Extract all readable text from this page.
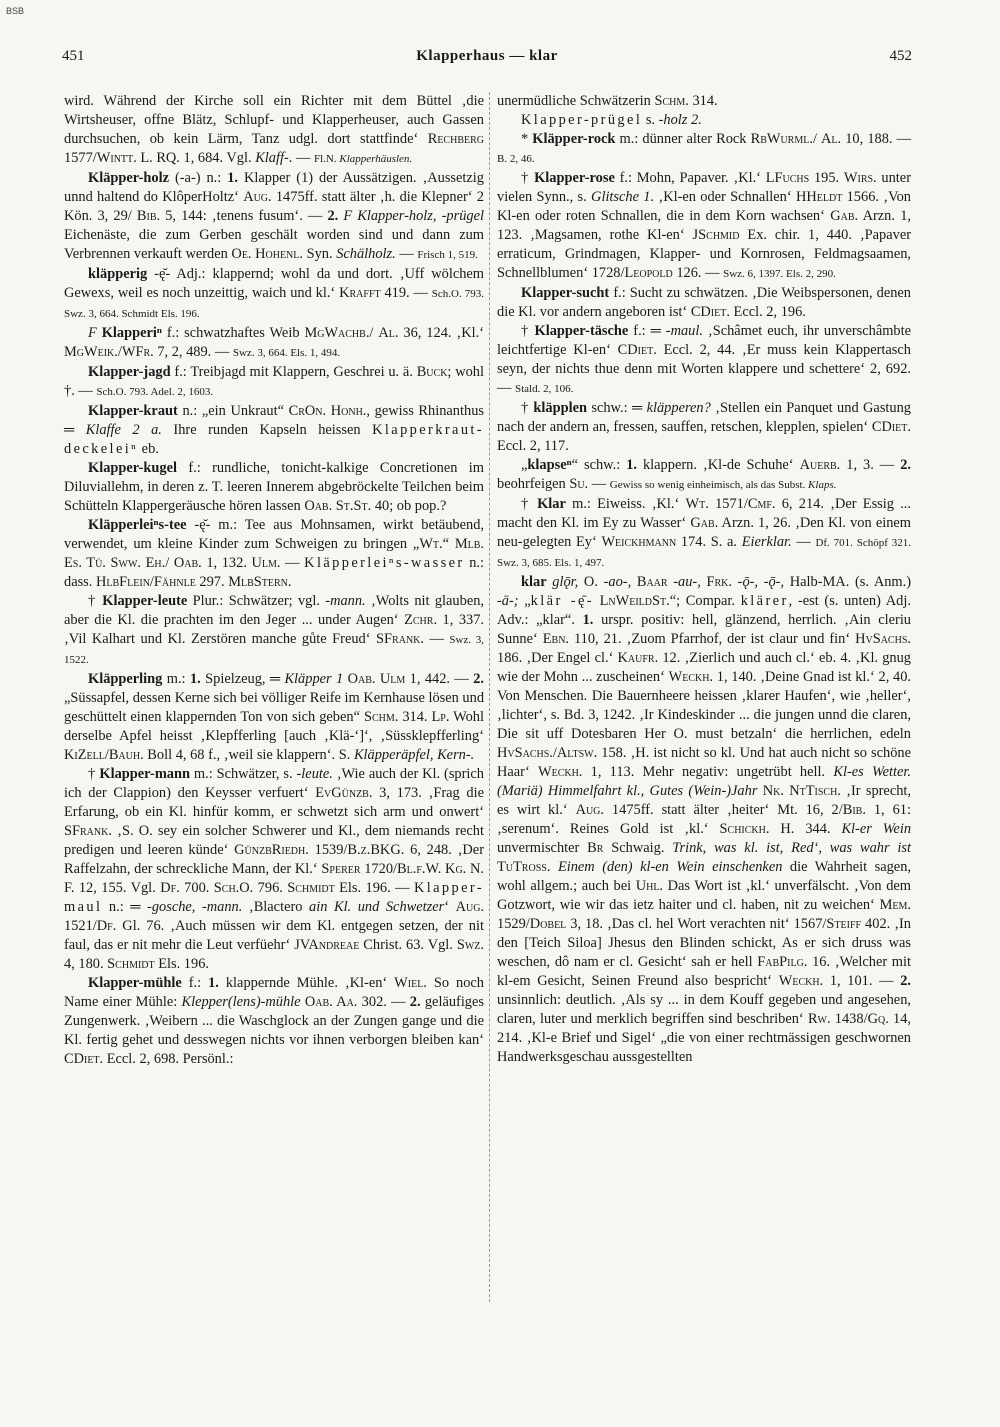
BSB
451	Klapperhaus — klar	452

wird. Während der Kirche soll ein Richter mit dem Büttel ‚die Wirtsheuser, offne Blätz, Schlupf- und Klapperheuser, auch Gassen durchsuchen, ob kein Lärm, Tanz udgl. dort stattfinde‘ Rechberg 1577/Wintt. L. RQ. 1, 684. Vgl. Klaff-. — Fl.N. Klapperhäuslen.

Kläpper-holz (-a-) n.: 1. Klapper (1) der Aussätzigen. ‚Aussetzig unnd haltend do KlôperHoltz‘ Aug. 1475ff. statt älter ‚h. die Klepner‘ 2 Kön. 3, 29/ Bib. 5, 144: ‚tenens fusum‘. — 2. F Klapper-holz, -prügel Eichenäste, die zum Gerben geschält worden sind und dann zum Verbrennen verkauft werden Oe. Hohenl. Syn. Schälholz. — Frisch 1, 519.

kläpperig -ę̆- Adj.: klappernd; wohl da und dort. ‚Uff wölchem Gewexs, weil es noch unzeittig, waich und kl.‘ Krafft 419. — Sch.O. 793. Swz. 3, 664. Schmidt Els. 196.

F Klapperiⁿ f.: schwatzhaftes Weib MgWachb./ Al. 36, 124. ‚Kl.‘ MgWeik./WFr. 7, 2, 489. — Swz. 3, 664. Els. 1, 494.

Klapper-jagd f.: Treibjagd mit Klappern, Geschrei u. ä. Buck; wohl †. — Sch.O. 793. Adel. 2, 1603.

Klapper-kraut n.: „ein Unkraut“ CrOn. Honh., gewiss Rhinanthus ═ Klaffe 2 a. Ihre runden Kapseln heissen Klapperkraut-deckeleiⁿ eb.

Klapper-kugel f.: rundliche, tonicht-kalkige Concretionen im Diluviallehm, in deren z. T. leeren Innerem abgebröckelte Teilchen beim Schütteln Klappergeräusche hören lassen Oab. St.St. 40; ob pop.?

Kläpperleiⁿs-tee -ę̆- m.: Tee aus Mohnsamen, wirkt betäubend, verwendet, um kleine Kinder zum Schweigen zu bringen „Wt.“ Mlb. Es. Tü. Sww. Eh./ Oab. 1, 132. Ulm. — Kläpperleiⁿs-wasser n.: dass. HlbFlein/Fähnle 297. MlbStern.

† Klapper-leute Plur.: Schwätzer; vgl. -mann. ‚Wolts nit glauben, aber die Kl. die prachten im den Jeger ... under Augen‘ Zchr. 1, 337. ‚Vil Kalhart und Kl. Zerstören manche gůte Freud‘ SFrank. — Swz. 3, 1522.

Kläpperling m.: 1. Spielzeug, ═ Kläpper 1 Oab. Ulm 1, 442. — 2. „Süssapfel, dessen Kerne sich bei völliger Reife im Kernhause lösen und geschüttelt einen klappernden Ton von sich geben“ Schm. 314. Lp. Wohl derselbe Apfel heisst ‚Klepfferling [auch ‚Klä-‘]‘, ‚Süssklepfferling‘ KiZell/Bauh. Boll 4, 68 f., ‚weil sie klappern‘. S. Kläpperäpfel, Kern-.

† Klapper-mann m.: Schwätzer, s. -leute. ‚Wie auch der Kl. (sprich ich der Clappion) den Keysser verfuert‘ EvGünzb. 3, 173. ‚Frag die Erfarung, ob ein Kl. hinfür komm, er schwetzt sich arm und onwert‘ SFrank. ‚S. O. sey ein solcher Schwerer und Kl., dem niemands recht predigen und leeren künde‘ GünzbRiedh. 1539/B.z.BKG. 6, 248. ‚Der Raffelzahn, der schreckliche Mann, der Kl.‘ Sperer 1720/Bl.f.W. Kg. N. F. 12, 155. Vgl. Df. 700. Sch.O. 796. Schmidt Els. 196. — Klapper-maul n.: ═ -gosche, -mann. ‚Blactero ain Kl. und Schwetzer‘ Aug. 1521/Df. Gl. 76. ‚Auch müssen wir dem Kl. entgegen setzen, der nit faul, das er nit mehr die Leut verfüehr‘ JVAndreae Christ. 63. Vgl. Swz. 4, 180. Schmidt Els. 196.

Klapper-mühle f.: 1. klappernde Mühle. ‚Kl-en‘ Wiel. So noch Name einer Mühle: Klepper(lens)-mühle Oab. Aa. 302. — 2. geläufiges Zungenwerk. ‚Weibern ... die Waschglock an der Zungen gange und die Kl. fertig gehet und desswegen nichts vor ihnen verborgen bleiben kan‘ CDiet. Eccl. 2, 698. Persönl.:

unermüdliche Schwätzerin Schm. 314.

Klapper-prügel s. -holz 2.

* Kläpper-rock m.: dünner alter Rock RbWurml./ Al. 10, 188. — B. 2, 46.

† Klapper-rose f.: Mohn, Papaver. ‚Kl.‘ LFuchs 195. Wirs. unter vielen Synn., s. Glitsche 1. ‚Kl-en oder Schnallen‘ HHeldt 1566. ‚Von Kl-en oder roten Schnallen, die in dem Korn wachsen‘ Gab. Arzn. 1, 123. ‚Magsamen, rothe Kl-en‘ JSchmid Ex. chir. 1, 440. ‚Papaver erraticum, Grindmagen, Klapper- und Kornrosen, Feldmagsaamen, Schnellblumen‘ 1728/Leopold 126. — Swz. 6, 1397. Els. 2, 290.

Klapper-sucht f.: Sucht zu schwätzen. ‚Die Weibspersonen, denen die Kl. vor andern angeboren ist‘ CDiet. Eccl. 2, 196.

† Klapper-täsche f.: ═ -maul. ‚Schâmet euch, ihr unverschâmbte leichtfertige Kl-en‘ CDiet. Eccl. 2, 44. ‚Er muss kein Klappertasch seyn, der nichts thue denn mit Worten klappere und schettere‘ 2, 692. — Stald. 2, 106.

† kläpplen schw.: ═ kläpperen? ‚Stellen ein Panquet und Gastung nach der andern an, fressen, sauffen, retschen, klepplen, spielen‘ CDiet. Eccl. 2, 117.

„klapseⁿ“ schw.: 1. klappern. ‚Kl-de Schuhe‘ Auerb. 1, 3. — 2. beohrfeigen Su. — Gewiss so wenig einheimisch, als das Subst. Klaps.

† Klar m.: Eiweiss. ‚Kl.‘ Wt. 1571/Cmf. 6, 214. ‚Der Essig ... macht den Kl. im Ey zu Wasser‘ Gab. Arzn. 1, 26. ‚Den Kl. von einem neu-gelegten Ey‘ Weickhmann 174. S. a. Eierklar. — Df. 701. Schöpf 321. Swz. 3, 685. Els. 1, 497.

klar glǭr, O. -ao-, Baar -au-, Frk. -ǭ-, -ǭ-, Halb-MA. (s. Anm.) -ā-; „klär -ę̄- LnWeildSt.“; Compar. klärer, -est (s. unten) Adj. Adv.: „klar“. 1. urspr. positiv: hell, glänzend, herrlich. ‚Ain cleriu Sunne‘ Ebn. 110, 21. ‚Zuom Pfarrhof, der ist claur und fin‘ HvSachs. 186. ‚Der Engel cl.‘ Kaufr. 12. ‚Zierlich und auch cl.‘ eb. 4. ‚Kl. gnug wie der Mohn ... zuscheinen‘ Weckh. 1, 140. ‚Deine Gnad ist kl.‘ 2, 40. Von Menschen. Die Bauernheere heissen ‚klarer Haufen‘, wie ‚heller‘, ‚lichter‘, s. Bd. 3, 1242. ‚Ir Kindeskinder ... die jungen unnd die claren, Die sit uff Dotesbaren Her O. must betzaln‘ die herrlichen, edeln HvSachs./Altsw. 158. ‚H. ist nicht so kl. Und hat auch nicht so schöne Haar‘ Weckh. 1, 113. Mehr negativ: ungetrübt hell. Kl-es Wetter. (Mariä) Himmelfahrt kl., Gutes (Wein-)Jahr Nk. NtTisch. ‚Ir sprecht, es wirt kl.‘ Aug. 1475ff. statt älter ‚heiter‘ Mt. 16, 2/Bib. 1, 61: ‚serenum‘. Reines Gold ist ‚kl.‘ Schickh. H. 344. Kl-er Wein unvermischter Br Schwaig. Trink, was kl. ist, Red‘, was wahr ist TuTross. Einem (den) kl-en Wein einschenken die Wahrheit sagen, wohl allgem.; auch bei Uhl. Das Wort ist ‚kl.‘ unverfälscht. ‚Von dem Gotzwort, wie wir das ietz haiter und cl. haben, nit zu weichen‘ Mem. 1529/Dobel 3, 18. ‚Das cl. hel Wort verachten nit‘ 1567/Steiff 402. ‚In den [Teich Siloa] Jhesus den Blinden schickt, As er sich druss was weschen, dô nam er cl. Gesicht‘ sah er hell FabPilg. 16. ‚Welcher mit kl-em Gesicht, Seinen Freund also bespricht‘ Weckh. 1, 101. — 2. unsinnlich: deutlich. ‚Als sy ... in dem Kouff gegeben und angesehen, claren, luter und merklich begriffen sind beschriben‘ Rw. 1438/Gq. 14, 214. ‚Kl-e Brief und Sigel‘ „die von einer rechtmässigen geschwornen Handwerksgeschau aussgestellten
